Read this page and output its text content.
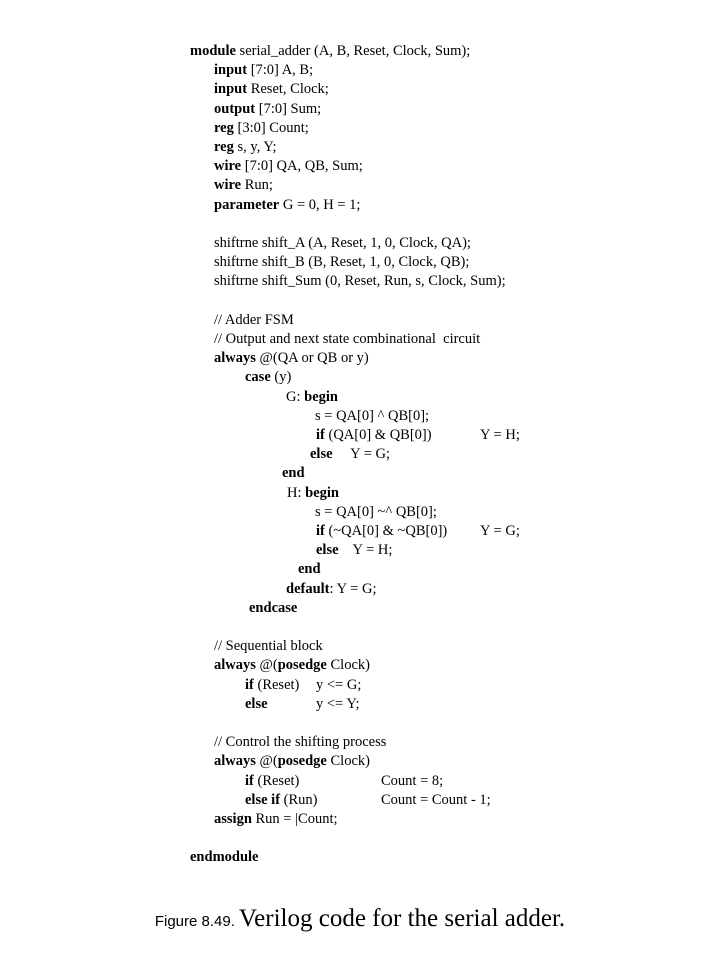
module serial_adder (A, B, Reset, Clock, Sum);
input [7:0] A, B;
input Reset, Clock;
output [7:0] Sum;
reg [3:0] Count;
reg s, y, Y;
wire [7:0] QA, QB, Sum;
wire Run;
parameter G = 0, H = 1;
shiftrne shift_A (A, Reset, 1, 0, Clock, QA);
shiftrne shift_B (B, Reset, 1, 0, Clock, QB);
shiftrne shift_Sum (0, Reset, Run, s, Clock, Sum);
// Adder FSM
// Output and next state combinational  circuit
always @(QA or QB or y)
case (y)
G: begin
s = QA[0] ^ QB[0];
if (QA[0] & QB[0])
else     Y = G;
end
H: begin
s = QA[0] ~^ QB[0];
if (~QA[0] & ~QB[0])
else    Y = H;
end
default: Y = G;
endcase
// Sequential block
always @(posedge Clock)
if (Reset)
else
// Control the shifting process
always @(posedge Clock)
if (Reset)
else if (Run)
assign Run = |Count;
endmodule
Y = H;
Y = G;
y <= G;
y <= Y;
Count = 8;
Count = Count - 1;
Figure 8.49. Verilog code for the serial adder.
